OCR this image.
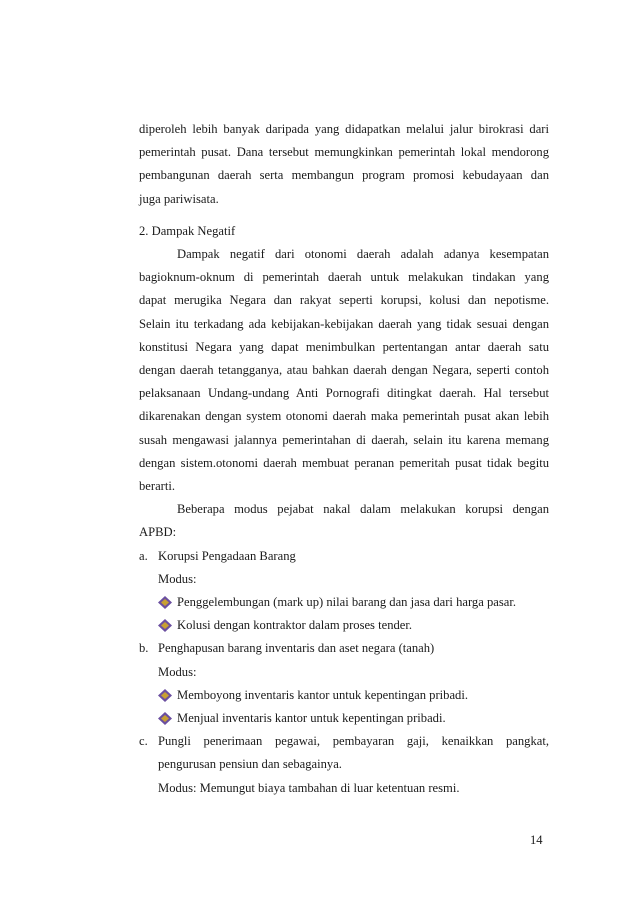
diperoleh lebih banyak daripada yang didapatkan melalui jalur birokrasi dari
pemerintah pusat. Dana tersebut memungkinkan pemerintah lokal mendorong
pembangunan daerah serta membangun program promosi kebudayaan dan
juga pariwisata.
2. Dampak Negatif
Dampak negatif dari otonomi daerah adalah adanya kesempatan
bagioknum-oknum di pemerintah daerah untuk melakukan tindakan yang
dapat merugika Negara dan rakyat seperti korupsi, kolusi dan nepotisme.
Selain itu terkadang ada kebijakan-kebijakan daerah yang tidak sesuai dengan
konstitusi Negara yang dapat menimbulkan pertentangan antar daerah satu
dengan daerah tetangganya, atau bahkan daerah dengan Negara, seperti contoh
pelaksanaan Undang-undang Anti Pornografi ditingkat daerah. Hal tersebut
dikarenakan dengan system otonomi daerah maka pemerintah pusat akan lebih
susah mengawasi jalannya pemerintahan di daerah, selain itu karena memang
dengan sistem.otonomi daerah membuat peranan pemeritah pusat tidak begitu
berarti.
Beberapa modus pejabat nakal dalam melakukan korupsi dengan
APBD:
a. Korupsi Pengadaan Barang
Modus:
Penggelembungan (mark up) nilai barang dan jasa dari harga pasar.
Kolusi dengan kontraktor dalam proses tender.
b. Penghapusan barang inventaris dan aset negara (tanah)
Modus:
Memboyong inventaris kantor untuk kepentingan pribadi.
Menjual inventaris kantor untuk kepentingan pribadi.
c. Pungli penerimaan pegawai, pembayaran gaji, kenaikkan pangkat,
pengurusan pensiun dan sebagainya.
Modus: Memungut biaya tambahan di luar ketentuan resmi.
14
